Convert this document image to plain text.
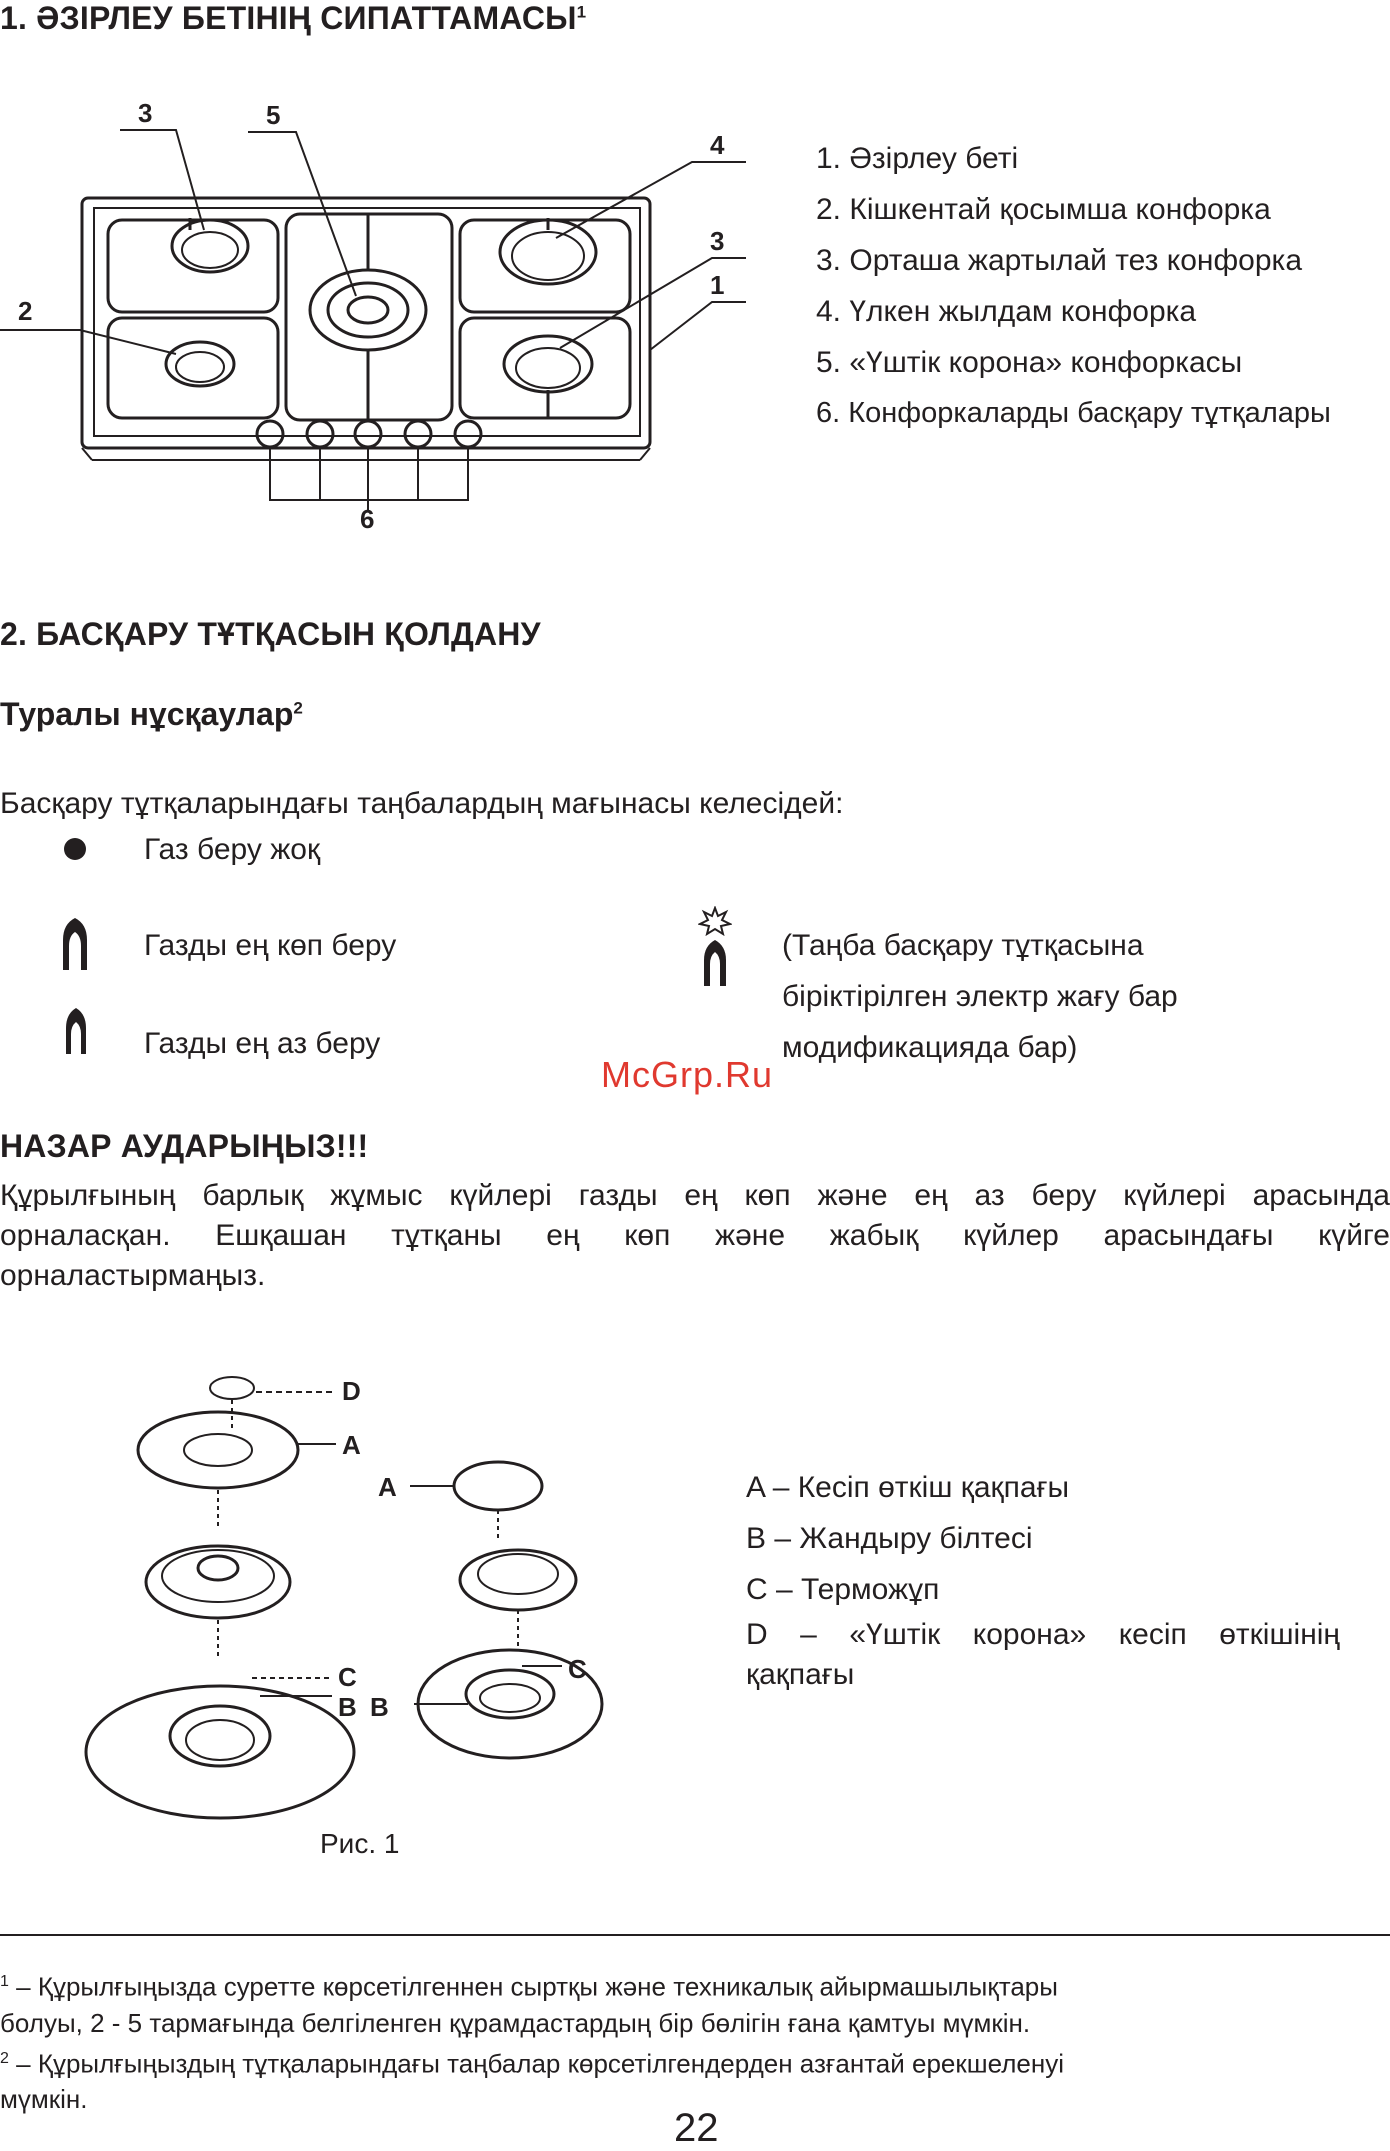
1. ӘЗІРЛЕУ БЕТІНІҢ СИПАТТАМАСЫ$^1$
3	5
4
3
1
2
6
1. Әзірлеу беті
2. Кішкентай қосымша конфорка
3. Орташа жартылай тез конфорка
4. Үлкен жылдам конфорка
5. «Үштік корона» конфоркасы
6. Конфоркаларды басқару тұтқалары
2. БАСҚАРУ ТҰТҚАСЫН ҚОЛДАНУ
Туралы нұсқаулар$^2$
Басқару тұтқаларындағы таңбалардың мағынасы келесідей:
Газ беру жоқ
Газды ең көп беру
Газды ең аз беру
(Таңба басқару тұтқасына
біріктірілген электр жағу бар
модификацияда бар)
McGrp.Ru
НАЗАР АУДАРЫҢЫЗ!!!
Құрылғының барлық жұмыс күйлері газды ең көп және ең аз беру күйлері арасында
орналасқан. Ешқашан тұтқаны ең көп және жабық күйлер арасындағы күйге
орналастырмаңыз.
D
A
A
C
B
C
B
Рис. 1
A – Кесіп өткіш қақпағы
B – Жандыру білтесі
C – Терможұп
D – «Үштік корона» кесіп өткішінің
қақпағы
$^1$ – Құрылғыңызда суретте көрсетілгеннен сыртқы және техникалық айырмашылықтары
болуы, 2 - 5 тармағында белгіленген құрамдастардың бір бөлігін ғана қамтуы мүмкін.
$^2$ – Құрылғыңыздың тұтқаларындағы таңбалар көрсетілгендерден азғантай ерекшеленуі
мүмкін.
22
